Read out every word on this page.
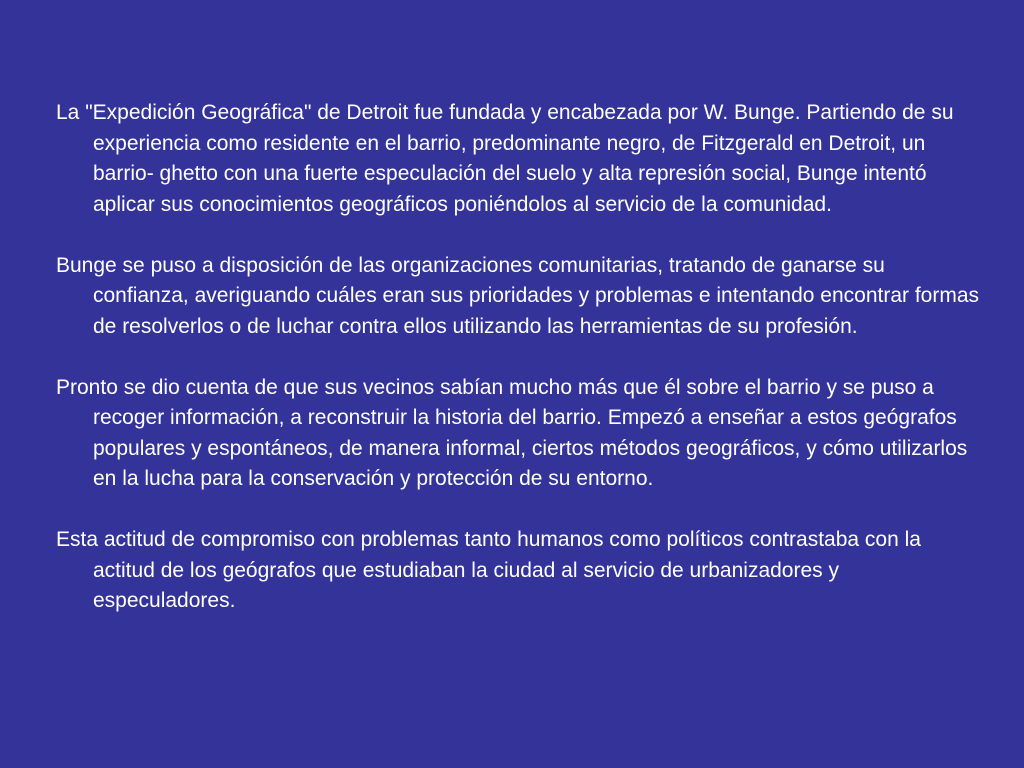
La "Expedición Geográfica" de Detroit fue fundada y encabezada por W. Bunge. Partiendo de su experiencia como residente en el barrio, predominante negro, de Fitzgerald en Detroit, un barrio- ghetto con una fuerte especulación del suelo y alta represión social, Bunge intentó aplicar sus conocimientos geográficos poniéndolos al servicio de la comunidad.

Bunge se puso a disposición de las organizaciones comunitarias, tratando de ganarse su confianza, averiguando cuáles eran sus prioridades y problemas e intentando encontrar formas de resolverlos o de luchar contra ellos utilizando las herramientas de su profesión.

Pronto se dio cuenta de que sus vecinos sabían mucho más que él sobre el barrio y se puso a recoger información, a reconstruir la historia del barrio. Empezó a enseñar a estos geógrafos populares y espontáneos, de manera informal, ciertos métodos geográficos, y cómo utilizarlos en la lucha para la conservación y protección de su entorno.

Esta actitud de compromiso con problemas tanto humanos como políticos contrastaba con la actitud de los geógrafos que estudiaban la ciudad al servicio de urbanizadores y especuladores.
